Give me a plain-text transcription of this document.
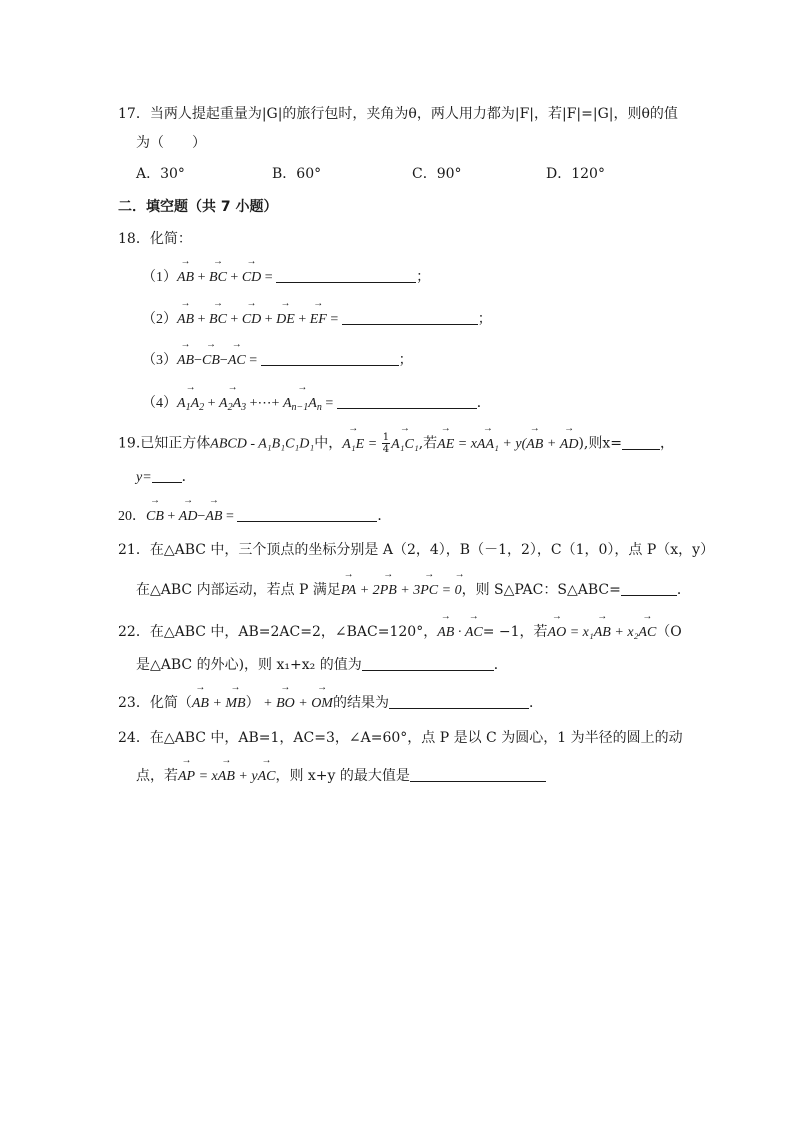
17．当两人提起重量为|G|的旅行包时，夹角为θ，两人用力都为|F|，若|F|=|G|，则θ的值
为（　　）
A．30°	B．60°	C．90°	D．120°
二．填空题（共 7 小题）
18．化简：
（1）→ AB + → BC + → CD =	；
（2）→ AB + → BC + → CD + → DE + → EF =	；
（3）→ AB−→ CB−→ AC =	；
$(4)\to A_1A_2$ + → $A_2A_3$ +⋯+ → $A_{n-1}A_n$ =	．
19.已知正方体ABCD - A₁B₁C₁D₁中，→ $A_1E = \frac{1}{4}$
→ A₁C₁,若→ AE = x→ AA₁ + y(→ AB + → AD),则x=	，
y= ．
20．→ CB + → AD−→ AB =	．
21．在△ABC 中，三个顶点的坐标分别是 A（2，4），B（－1，2），C（1，0），点 P（x，y）
在△ABC 内部运动，若点 P 满足→ PA + 2→ PB + 3→ PC = → 0，则 S△PAC：S△ABC=	．
22．在△ABC 中，AB=2AC=2，∠BAC=120°，→ AB · → AC= −1，若→ AO = x₁→ AB + x₂→ AC（O
是△ABC 的外心)，则 x₁+x₂ 的值为	．
23．化简（→ AB + → MB） + → BO + → OM的结果为	．
24．在△ABC 中，AB=1，AC=3，∠A=60°，点 P 是以 C 为圆心，1 为半径的圆上的动
点，若→ AP = x→ AB + y→ AC，则 x+y 的最大值是
